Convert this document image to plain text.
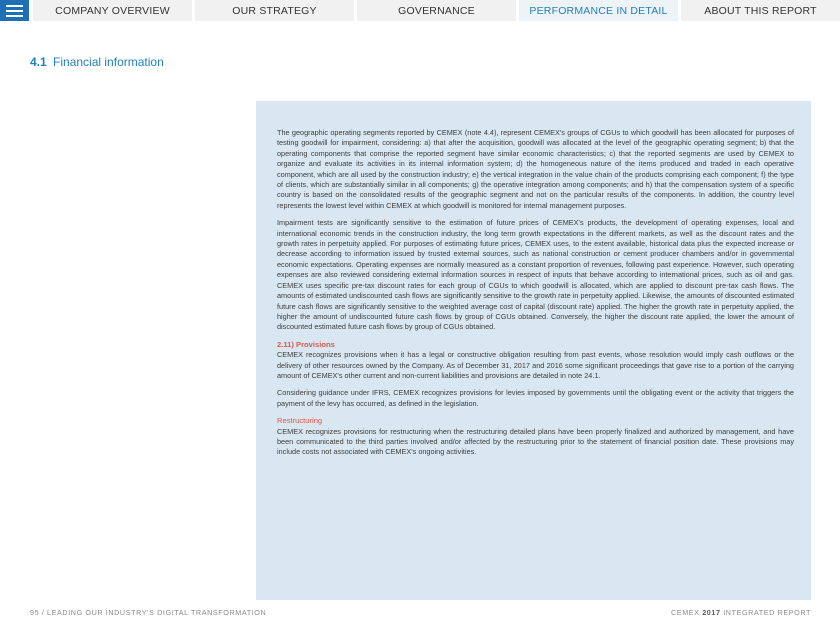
COMPANY OVERVIEW	OUR STRATEGY	GOVERNANCE	PERFORMANCE IN DETAIL	ABOUT THIS REPORT
4.1 Financial information

The geographic operating segments reported by CEMEX (note 4.4), represent CEMEX's groups of CGUs to which goodwill has been allocated for purposes of testing goodwill for impairment, considering: a) that after the acquisition, goodwill was allocated at the level of the geographic operating segment; b) that the operating components that comprise the reported segment have similar economic characteristics; c) that the reported segments are used by CEMEX to organize and evaluate its activities in its internal information system; d) the homogeneous nature of the items produced and traded in each operative component, which are all used by the construction industry; e) the vertical integration in the value chain of the products comprising each component; f) the type of clients, which are substantially similar in all components; g) the operative integration among components; and h) that the compensation system of a specific country is based on the consolidated results of the geographic segment and not on the particular results of the components. In addition, the country level represents the lowest level within CEMEX at which goodwill is monitored for internal management purposes.

Impairment tests are significantly sensitive to the estimation of future prices of CEMEX's products, the development of operating expenses, local and international economic trends in the construction industry, the long term growth expectations in the different markets, as well as the discount rates and the growth rates in perpetuity applied. For purposes of estimating future prices, CEMEX uses, to the extent available, historical data plus the expected increase or decrease according to information issued by trusted external sources, such as national construction or cement producer chambers and/or in governmental economic expectations. Operating expenses are normally measured as a constant proportion of revenues, following past experience. However, such operating expenses are also reviewed considering external information sources in respect of inputs that behave according to international prices, such as oil and gas. CEMEX uses specific pre-tax discount rates for each group of CGUs to which goodwill is allocated, which are applied to discount pre-tax cash flows. The amounts of estimated undiscounted cash flows are significantly sensitive to the growth rate in perpetuity applied. Likewise, the amounts of discounted estimated future cash flows are significantly sensitive to the weighted average cost of capital (discount rate) applied. The higher the growth rate in perpetuity applied, the higher the amount of undiscounted future cash flows by group of CGUs obtained. Conversely, the higher the discount rate applied, the lower the amount of discounted estimated future cash flows by group of CGUs obtained.

2.11) Provisions

CEMEX recognizes provisions when it has a legal or constructive obligation resulting from past events, whose resolution would imply cash outflows or the delivery of other resources owned by the Company. As of December 31, 2017 and 2016 some significant proceedings that gave rise to a portion of the carrying amount of CEMEX's other current and non-current liabilities and provisions are detailed in note 24.1.

Considering guidance under IFRS, CEMEX recognizes provisions for levies imposed by governments until the obligating event or the activity that triggers the payment of the levy has occurred, as defined in the legislation.

Restructuring

CEMEX recognizes provisions for restructuring when the restructuring detailed plans have been properly finalized and authorized by management, and have been communicated to the third parties involved and/or affected by the restructuring prior to the statement of financial position date. These provisions may include costs not associated with CEMEX's ongoing activities.

95 / LEADING OUR INDUSTRY'S DIGITAL TRANSFORMATION	CEMEX 2017 INTEGRATED REPORT
